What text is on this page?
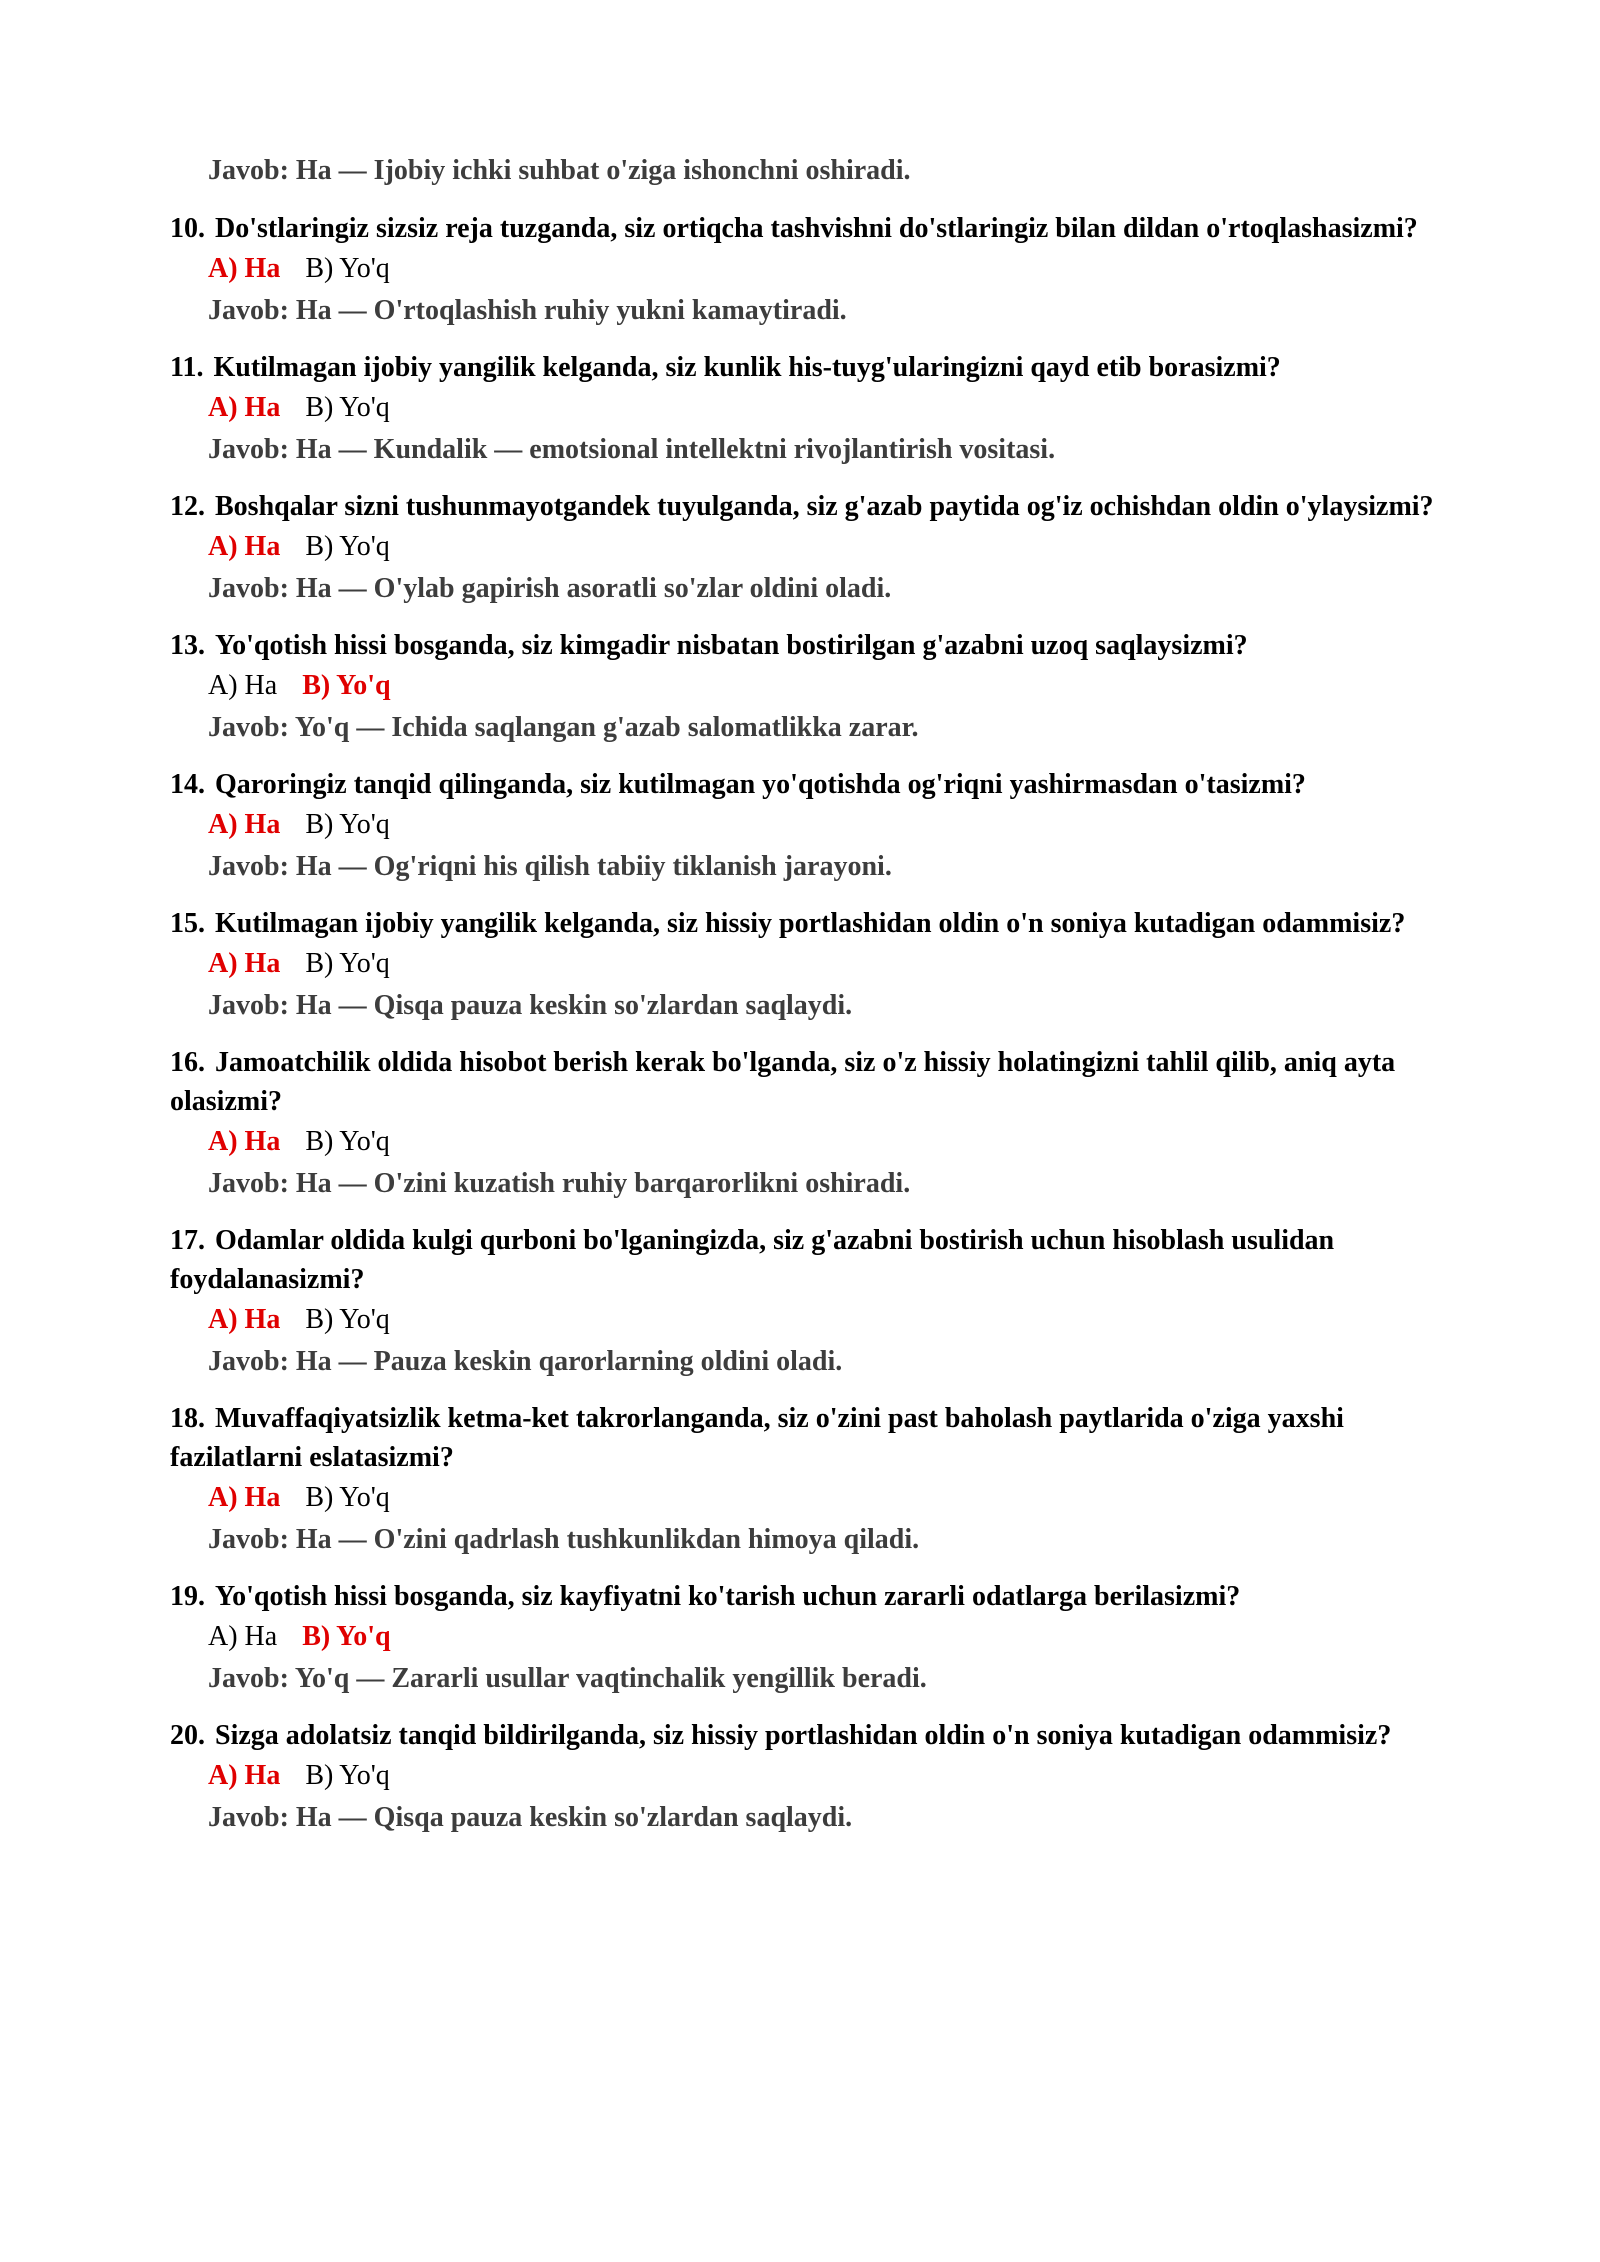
Javob: Ha — Ijobiy ichki suhbat o'ziga ishonchni oshiradi.

10. Do'stlaringiz sizsiz reja tuzganda, siz ortiqcha tashvishni do'stlaringiz bilan dildan o'rtoqlashasizmi?

A) Ha B) Yo'q
Javob: Ha — O'rtoqlashish ruhiy yukni kamaytiradi.

11. Kutilmagan ijobiy yangilik kelganda, siz kunlik his-tuyg'ularingizni qayd etib borasizmi?

A) Ha B) Yo'q
Javob: Ha — Kundalik — emotsional intellektni rivojlantirish vositasi.

12. Boshqalar sizni tushunmayotgandek tuyulganda, siz g'azab paytida og'iz ochishdan oldin o'ylaysizmi?

A) Ha B) Yo'q
Javob: Ha — O'ylab gapirish asoratli so'zlar oldini oladi.

13. Yo'qotish hissi bosganda, siz kimgadir nisbatan bostirilgan g'azabni uzoq saqlaysizmi?

A) Ha B) Yo'q
Javob: Yo'q — Ichida saqlangan g'azab salomatlikka zarar.

14. Qaroringiz tanqid qilinganda, siz kutilmagan yo'qotishda og'riqni yashirmasdan o'tasizmi?

A) Ha B) Yo'q
Javob: Ha — Og'riqni his qilish tabiiy tiklanish jarayoni.

15. Kutilmagan ijobiy yangilik kelganda, siz hissiy portlashidan oldin o'n soniya kutadigan odammisiz?

A) Ha B) Yo'q
Javob: Ha — Qisqa pauza keskin so'zlardan saqlaydi.

16. Jamoatchilik oldida hisobot berish kerak bo'lganda, siz o'z hissiy holatingizni tahlil qilib, aniq ayta olasizmi?

A) Ha B) Yo'q
Javob: Ha — O'zini kuzatish ruhiy barqarorlikni oshiradi.

17. Odamlar oldida kulgi qurboni bo'lganingizda, siz g'azabni bostirish uchun hisoblash usulidan foydalanasizmi?

A) Ha B) Yo'q
Javob: Ha — Pauza keskin qarorlarning oldini oladi.

18. Muvaffaqiyatsizlik ketma-ket takrorlanganda, siz o'zini past baholash paytlarida o'ziga yaxshi fazilatlarni eslatasizmi?

A) Ha B) Yo'q
Javob: Ha — O'zini qadrlash tushkunlikdan himoya qiladi.

19. Yo'qotish hissi bosganda, siz kayfiyatni ko'tarish uchun zararli odatlarga berilasizmi?

A) Ha B) Yo'q
Javob: Yo'q — Zararli usullar vaqtinchalik yengillik beradi.

20. Sizga adolatsiz tanqid bildirilganda, siz hissiy portlashidan oldin o'n soniya kutadigan odammisiz?

A) Ha B) Yo'q
Javob: Ha — Qisqa pauza keskin so'zlardan saqlaydi.
